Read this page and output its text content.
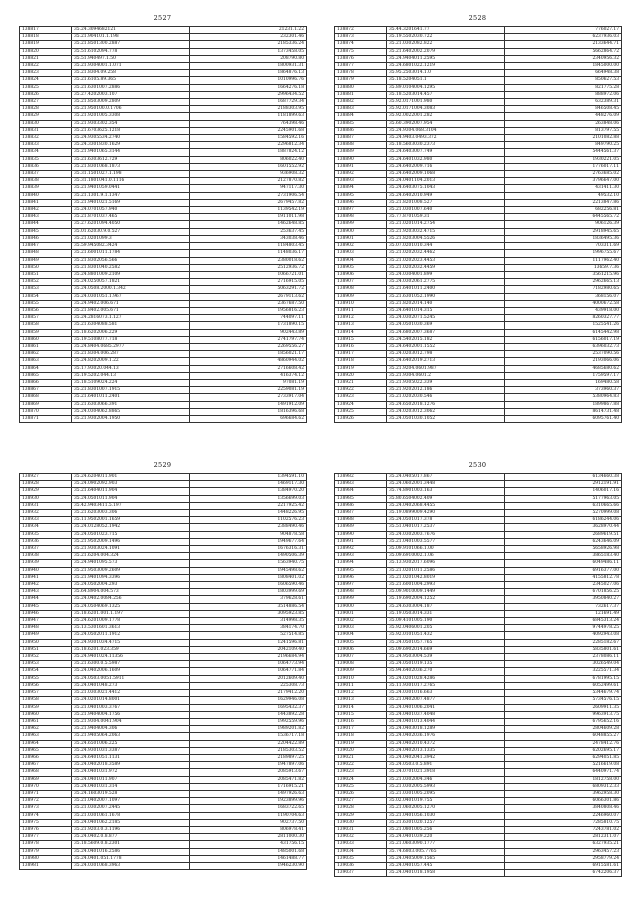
2527
138817	35.24.3094682121	21231.1.22
138818	35.21.904101.1.198	232301.46
138819	35.21.8501300.2887	2185336.24
138820	35.51.6102094.778	1373458.05
138821	35.51.940497.1.50	208790.80
138822	35.21.9304001.1.071	1800931.31
138823	35.21.8304.09.258	1864876.13
138824	35.21.6105.89.365	1010996.76
138825	35.21.6301007.2886	1664276.18
138826	35.27.4202003.107	2996434.52
138827	35.21.8503009.2809	1687729.34
138828	35.21.950100.0.1706	2188303.95
138829	35.21.9201005.3308	1181899.63
138830	35.21.9303302.354	764398.46
138831	35.21.6703625.1218	2245901.68
138832	35.24.9305534.2740	1584592.16
138833	35.24.3301830.1629	2296812.34
138834	35.21.9401065.3144	1887824.12
138835	35.21.6303612.729	806022.40
138836	35.21.8301068.1873	1601552.92
138837	35.31.1501027.1.198	936908.32
138838	35.31.1801041.0.1116	2127870.82
138839	35.21.9401059.0441	947117.30
138840	35.21.1301.9.1.1347	2731906.54
138841	35.21.9401021.5169	2679457.82
138842	35.24.0701057.940	1139542.19
138843	35.21.8701037.465	1911011.98
138844	35.27.6201094.4050	1462648.85
138845	35.01.62030.9.0.527	253637.45
138846	35.21.0201099.3	343038.46
138847	35.59.945082.3424	1184803.45
138848	35.21.6001011.1784	1148036.17
138849	35.21.8302056.566	2380018.62
138850	35.21.8301040.2582	2512936.72
138851	35.24.8801009.2109	1066721.01
138852	35.24.0250057.1821	2716915.05
138853	35.24.0508.2000.1.342	5063291.72
138854	35.24.0301051.1.967	2679113.62
138855	35.24.9402.006.671	2367687.50
138856	35.21.8402.005.671	1956816.23
138857	35.24.2816073.1.127	744097.11
138858	35.21.6304088.581	1731890.15
138859	35.18.6202006.229	902443.89
138860	35.19.5108077.718	2741797.74
138861	35.24.8404.0685.2977	2269556.27
138862	35.21.8304.006.287	1856021.17
138863	35.24.8202009.1.22	4860944.02
138864	35.17.93020.044.13	2716608.42
138865	35.19.5202.044.13	416374.12
138866	35.18.5109024.224	97081.19
138867	35.21.8301007.1915	2259081.19
138868	35.21.6401011.2401	2733917.04
138869	35.21.6303066.391	1491912.09
138870	35.24.0304062.8865	1816396.68
138871	35.21.9302004.1950	696684.62
2528
138872	35.44.3201641.77	776027.17
138873	35.19.5502030.722	6237936.03
138874	35.21.0302082.822	2133644.71
138875	35.21.6402002.2079	5662864.72
138876	35.24.9404011.2595	2340956.32
138877	35.24.6801022.1219	1845000.00
138878	35.95.2503014.1.0	664948.38
138879	35.18.5204051.1	850627.53
138880	35.89.0104004.1295	821775.28
138881	35.18.5203014.457	888972.06
138882	35.92.0171001.980	632389.31
138883	35.92.0171004.3083	846508.45
138884	35.92.0022001.282	448276.09
138885	35.60.3902007.954	263848.06
138886	35.24.9304.068.3104	813797.55
138887	35.24.9403.0493.372	2101082.88
138888	35.18.5603030.2373	849790.25
138889	35.24.6403007.749	5444561.37
138890	35.24.6401032.980	1930221.05
138891	35.24.6402009.716	1776017.11
138892	35.24.6402009.1068	2763685.02
138893	35.24.0401104.2013	3796647.00
138894	35.24.6403075.1043	431411.30
138895	35.24.6402010.949	49532.10
138896	35.21.8201008.527	2213847.86
138897	35.21.0301007.640	682256.81
138898	35.77.8701059.31	6445565.72
138899	35.21.0201014.2754	906126.39
138900	35.21.9203032.4715	2918945.65
138901	35.21.8203004.5526	1836495.36
138902	35.07.0201010.344	703311.69
138903	35.21.0202032.4462	1996755.67
138904	35.21.0202023.4453	1117962.40
138905	35.21.0202032.4459	13659.7.36
138906	35.24.0304001.899	3561215.96
138907	35.24.0302061.2775	2962665.13
138908	35.21.6401011.2400	7182980.65
138909	35.21.6301052.1990	368156.07
138910	35.21.8202014.140	4000672.58
138911	35.24.6401014.315	439918.00
138912	35.24.0302071.5245	8260327.77
138913	35.24.0501030.369	1525541.26
138914	35.24.6802007.3687	6145442.98
138915	35.24.5402015.182	6156017.19
138916	35.24.6402001.1552	6396032.73
138917	35.24.0203012.798	2537090.56
138918	35.24.6402019.2713	2193066.06
138919	35.21.9204.0601.987	4685680.62
138920	35.21.9304.0601.2	1759597.17
138921	35.21.9305022.339	169480.58
138922	35.21.9202012.186	373960.37
138923	35.21.0202030.546	5380964.83
138924	35.24.6502018.1276	1899867.88
138925	35.24.0203012.3062	8614731.48
138926	35.24.0501030.1052	6095761.40
2529
138927	35.24.6204011.901	1394591.10
138928	35.24.0902092.903	1469117.30
138929	35.21.6404011.904	1384970.20
138930	35.24.0501011.904	1356699.03
138931	35.42.9403411.5.197	2217925.42
138932	35.21.6203003.306	1448226.95
138933	35.11.9502001.1659	1102576.23
138934	35.24.0128052.1942	2388490.46
138935	35.24.0501023.715	904878.58
138936	35.21.9502009.1496	1949677.64
138937	35.21.9303024.1091	1676316.31
138938	35.21.6204.004.324	1490506.39
138939	35.24.9401095.573	1563940.75
138940	35.21.9503009.2609	1945498.62
138941	35.21.9401094.3396	1808401.02
138942	35.24.0502004.293	1606590.46
138943	35.64.8904.004.573	1803999.69
138944	35.24.0402.0084.256	379628.61
138945	35.24.0504069.1325	3514886.54
138946	35.18.6201.001.1.197	3095923.85
138947	35.24.6201009.1778	314998.35
138948	35.13.5301601.3613	384174.70
138949	35.24.0502011.1912	527514.85
138950	35.24.9301034.4715	1241596.81
138951	35.18.6201.023.359	2042109.40
138952	35.24.9401024.11356	2196684.94
138953	35.21.6300.0.5.5987	1064773.94
138954	35.24.0402006.1609	1064771.84
138955	35.24.0503.0051.5911	2012609.40
138956	35.24.0401048.273	225308.73
138957	35.21.0303021.4412	2179412.20
138958	35.24.0201014.8001	1629946.08
138959	35.21.0401003.3767	1695432.37
138960	35.21.9404004.1756	1443892.28
138961	35.21.9304.0041.904	1992559.96
138962	35.21.9404004.306	1989201.82
138963	35.21.9405064.2063	1536717.18
138964	35.24.6501006.225	2204422.89
138965	35.24.9301031.3387	2185303.52
138966	35.24.6401051.1131	2189897.25
138967	35.24.0402018.3589	1947897.06
138968	35.24.0401031.972	2085913.67
138969	35.24.0401011.907	2085471.82
138970	35.24.0401031.314	1716915.21
138971	35.24.1603019.528	1497926.63
138972	35.21.0402007.1097	1923899.96
138973	35.21.0302007.2445	1683722.65
138974	35.21.0301061.1678	1190704.63
138975	35.24.0401062.2185	902737.50
138976	35.21.9203.0.3.1196	806978.41
138977	35.24.0402.0.8.877	2811000.30
138978	35.18.5609.0.8.2301	431756.15
138979	35.24.0401016.2586	1485001.68
138980	35.24.0401.051.1778	1461488.77
138981	35.24.0301068.3963	1946230.90
2530
138982	35.24.0405017.867	6134660.38
138983	35.24.0602001.3448	2912191.91
138984	35.74.8901003.163	1406017.16
138985	35.80.6504002.409	5177963.05
138986	35.24.0402068.4455	6310665.66
138987	35.19.0899009.4290	5270999.08
138988	35.24.0501017.378	6186244.06
138989	35.51.0401017.2537	3628970.44
138990	35.24.0302003.7676	2689619.51
138991	35.21.0401003.5577	6243646.09
138992	35.09.9101066.1.00	5658926.98
138993	35.09.6910002.1.06	3865183.40
138994	35.13.9302017.6096	6049486.11
138995	35.21.0201011.2586	6916377.00
138996	35.21.0201042.8019	4155812.78
138997	35.21.6001004.2993	2345027.06
138998	35.09.9010009.1449	6701856.25
138999	35.19.6902004.1252	3950840.27
139000	35.24.6303004.187	732617.37
139001	35.19.0503014.331	121691.49
139002	35.09.4101005.190	6845313.24
139003	35.92.0406001.205	9744978.25
139004	35.92.0101051.432	4092943.08
139005	35.24.0501057.765	2285182.67
139006	35.09.6902014.669	5835801.61
139007	35.24.9503004.539	2378086.11
139008	35.24.0501019.135	3026549.04
139009	35.94.6402036.270	3225571.34
139010	35.24.0201028.4286	6781995.15
139011	35.11.9301017.2765	6052499.61
139012	35.24.0301016.663	5344679.74
139013	35.21.0402007.4877	5734576.15
139014	35.24.0401006.2041	2609911.35
139015	35.24.0401037.4048	9963913.75
139016	35.24.0401013.4044	6795652.16
139017	35.24.0403018.1289	2804609.28
139018	35.24.0402036.1976	6048855.27
139019	35.24.0402010.4372	2478412.76
139020	35.24.0402013.1335	6202695.17
139021	35.24.0402041.3942	6294051.85
139022	35.24.0503.0.5.891	5216619.08
139023	35.24.0701021.3918	6440971.74
139024	35.21.0302004.346	1812758.00
139025	35.21.0302005.5993	6809312.33
139026	35.21.0301005.2095	3962958.30
139027	35.02.0401019.755	6066301.86
139028	35.21.0602005.1270	3840808.46
139029	35.21.0401056.1030	2246960.07
139030	35.21.6301020.1257	7285810.75
139031	35.21.0801005.256	7243781.02
139032	35.24.0401039.220	2812311.07
139033	35.21.0603090.1777	6327935.21
139034	35.74.6803.005.7765	2963457.23
139035	35.24.0405009.1565	2958779.24
139036	35.24.0401057.445	6915581.61
139037	35.24.0401018.1958	6742206.37
